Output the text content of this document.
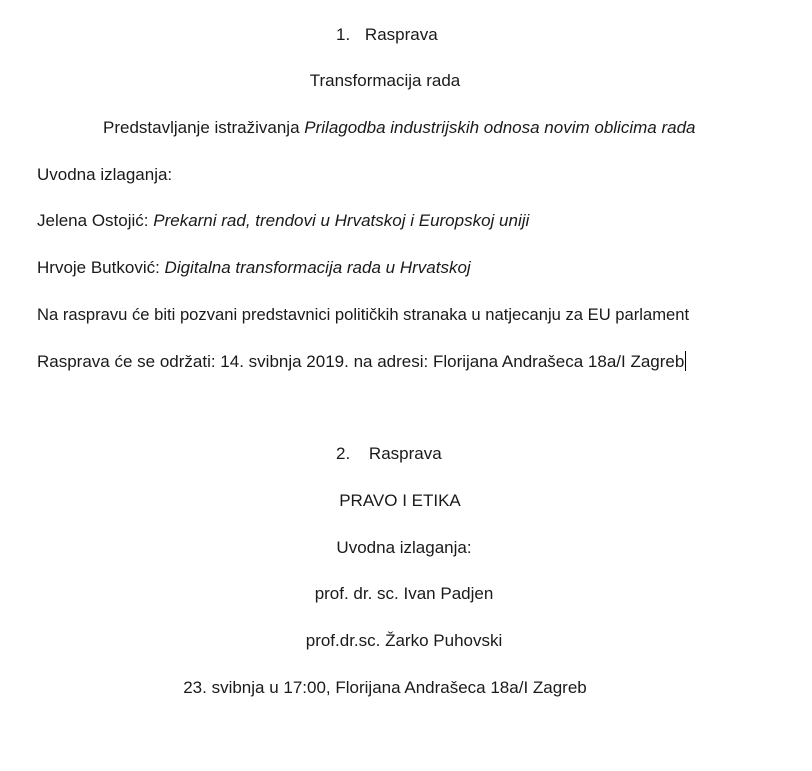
1. Rasprava
Transformacija rada
Predstavljanje istraživanja Prilagodba industrijskih odnosa novim oblicima rada
Uvodna izlaganja:
Jelena Ostojić: Prekarni rad, trendovi u Hrvatskoj i Europskoj uniji
Hrvoje Butković: Digitalna transformacija rada u Hrvatskoj
Na raspravu će biti pozvani predstavnici političkih stranaka u natjecanju za EU parlament
Rasprava će se održati: 14. svibnja 2019. na adresi: Florijana Andrašeca 18a/I Zagreb
2. Rasprava
PRAVO I ETIKA
Uvodna izlaganja:
prof. dr. sc. Ivan Padjen
prof.dr.sc. Žarko Puhovski
23. svibnja u 17:00, Florijana Andrašeca 18a/I Zagreb
